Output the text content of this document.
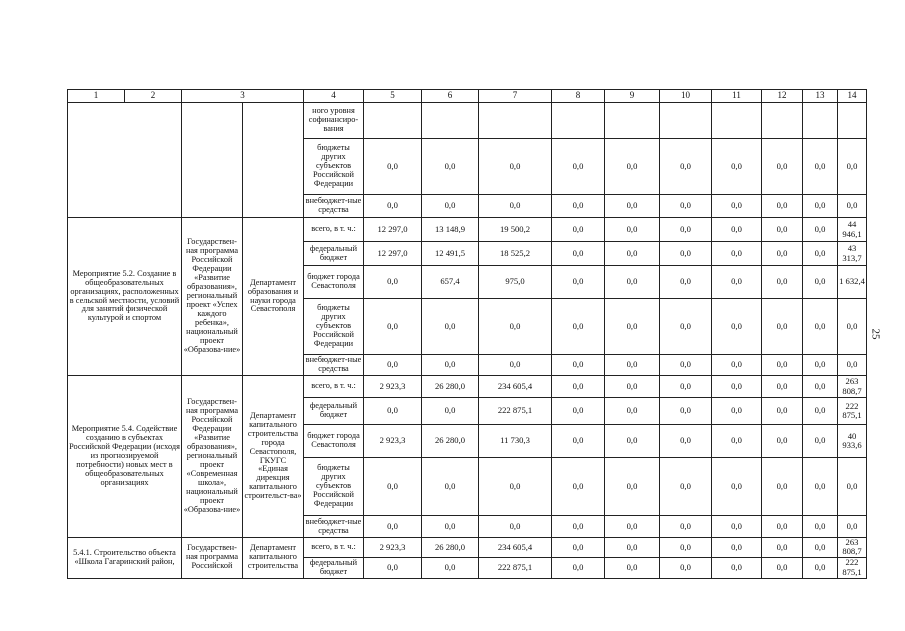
1	2	3		4	5	6	7	8	9	10	11	12	13	14
				ного уровня софинансиро-вания										
				бюджеты других субъектов Российской Федерации	0,0	0,0	0,0	0,0	0,0	0,0	0,0	0,0	0,0	0,0
				внебюджет-ные средства	0,0	0,0	0,0	0,0	0,0	0,0	0,0	0,0	0,0	0,0
Мероприятие 5.2. Создание в общеобразовательных организациях, расположенных в сельской местности, условий для занятий физической культурой и спортом		Государствен-ная программа Российской Федерации «Развитие образования», региональный проект «Успех каждого ребенка», национальный проект «Образова-ние»	Департамент образования и науки города Севастополя	всего, в т. ч.:	12 297,0	13 148,9	19 500,2	0,0	0,0	0,0	0,0	0,0	0,0	44 946,1
				федеральный бюджет	12 297,0	12 491,5	18 525,2	0,0	0,0	0,0	0,0	0,0	0,0	43 313,7
				бюджет города Севастополя	0,0	657,4	975,0	0,0	0,0	0,0	0,0	0,0	0,0	1 632,4
				бюджеты других субъектов Российской Федерации	0,0	0,0	0,0	0,0	0,0	0,0	0,0	0,0	0,0	0,0
				внебюджет-ные средства	0,0	0,0	0,0	0,0	0,0	0,0	0,0	0,0	0,0	0,0
Мероприятие 5.4. Содействие созданию в субъектах Российской Федерации (исходя из прогнозируемой потребности) новых мест в общеобразовательных организациях		Государствен-ная программа Российской Федерации «Развитие образования», региональный проект «Современная школа», национальный проект «Образова-ние»	Департамент капитального строительства города Севастополя, ГКУГС «Единая дирекция капитального строительст-ва»	всего, в т. ч.:	2 923,3	26 280,0	234 605,4	0,0	0,0	0,0	0,0	0,0	0,0	263 808,7
				федеральный бюджет	0,0	0,0	222 875,1	0,0	0,0	0,0	0,0	0,0	0,0	222 875,1
				бюджет города Севастополя	2 923,3	26 280,0	11 730,3	0,0	0,0	0,0	0,0	0,0	0,0	40 933,6
				бюджеты других субъектов Российской Федерации	0,0	0,0	0,0	0,0	0,0	0,0	0,0	0,0	0,0	0,0
				внебюджет-ные средства	0,0	0,0	0,0	0,0	0,0	0,0	0,0	0,0	0,0	0,0
5.4.1. Строительство объекта «Школа Гагаринский район,		Государствен-ная программа Российской	Департамент капитального строительства	всего, в т. ч.:	2 923,3	26 280,0	234 605,4	0,0	0,0	0,0	0,0	0,0	0,0	263 808,7
				федеральный бюджет	0,0	0,0	222 875,1	0,0	0,0	0,0	0,0	0,0	0,0	222 875,1
25
